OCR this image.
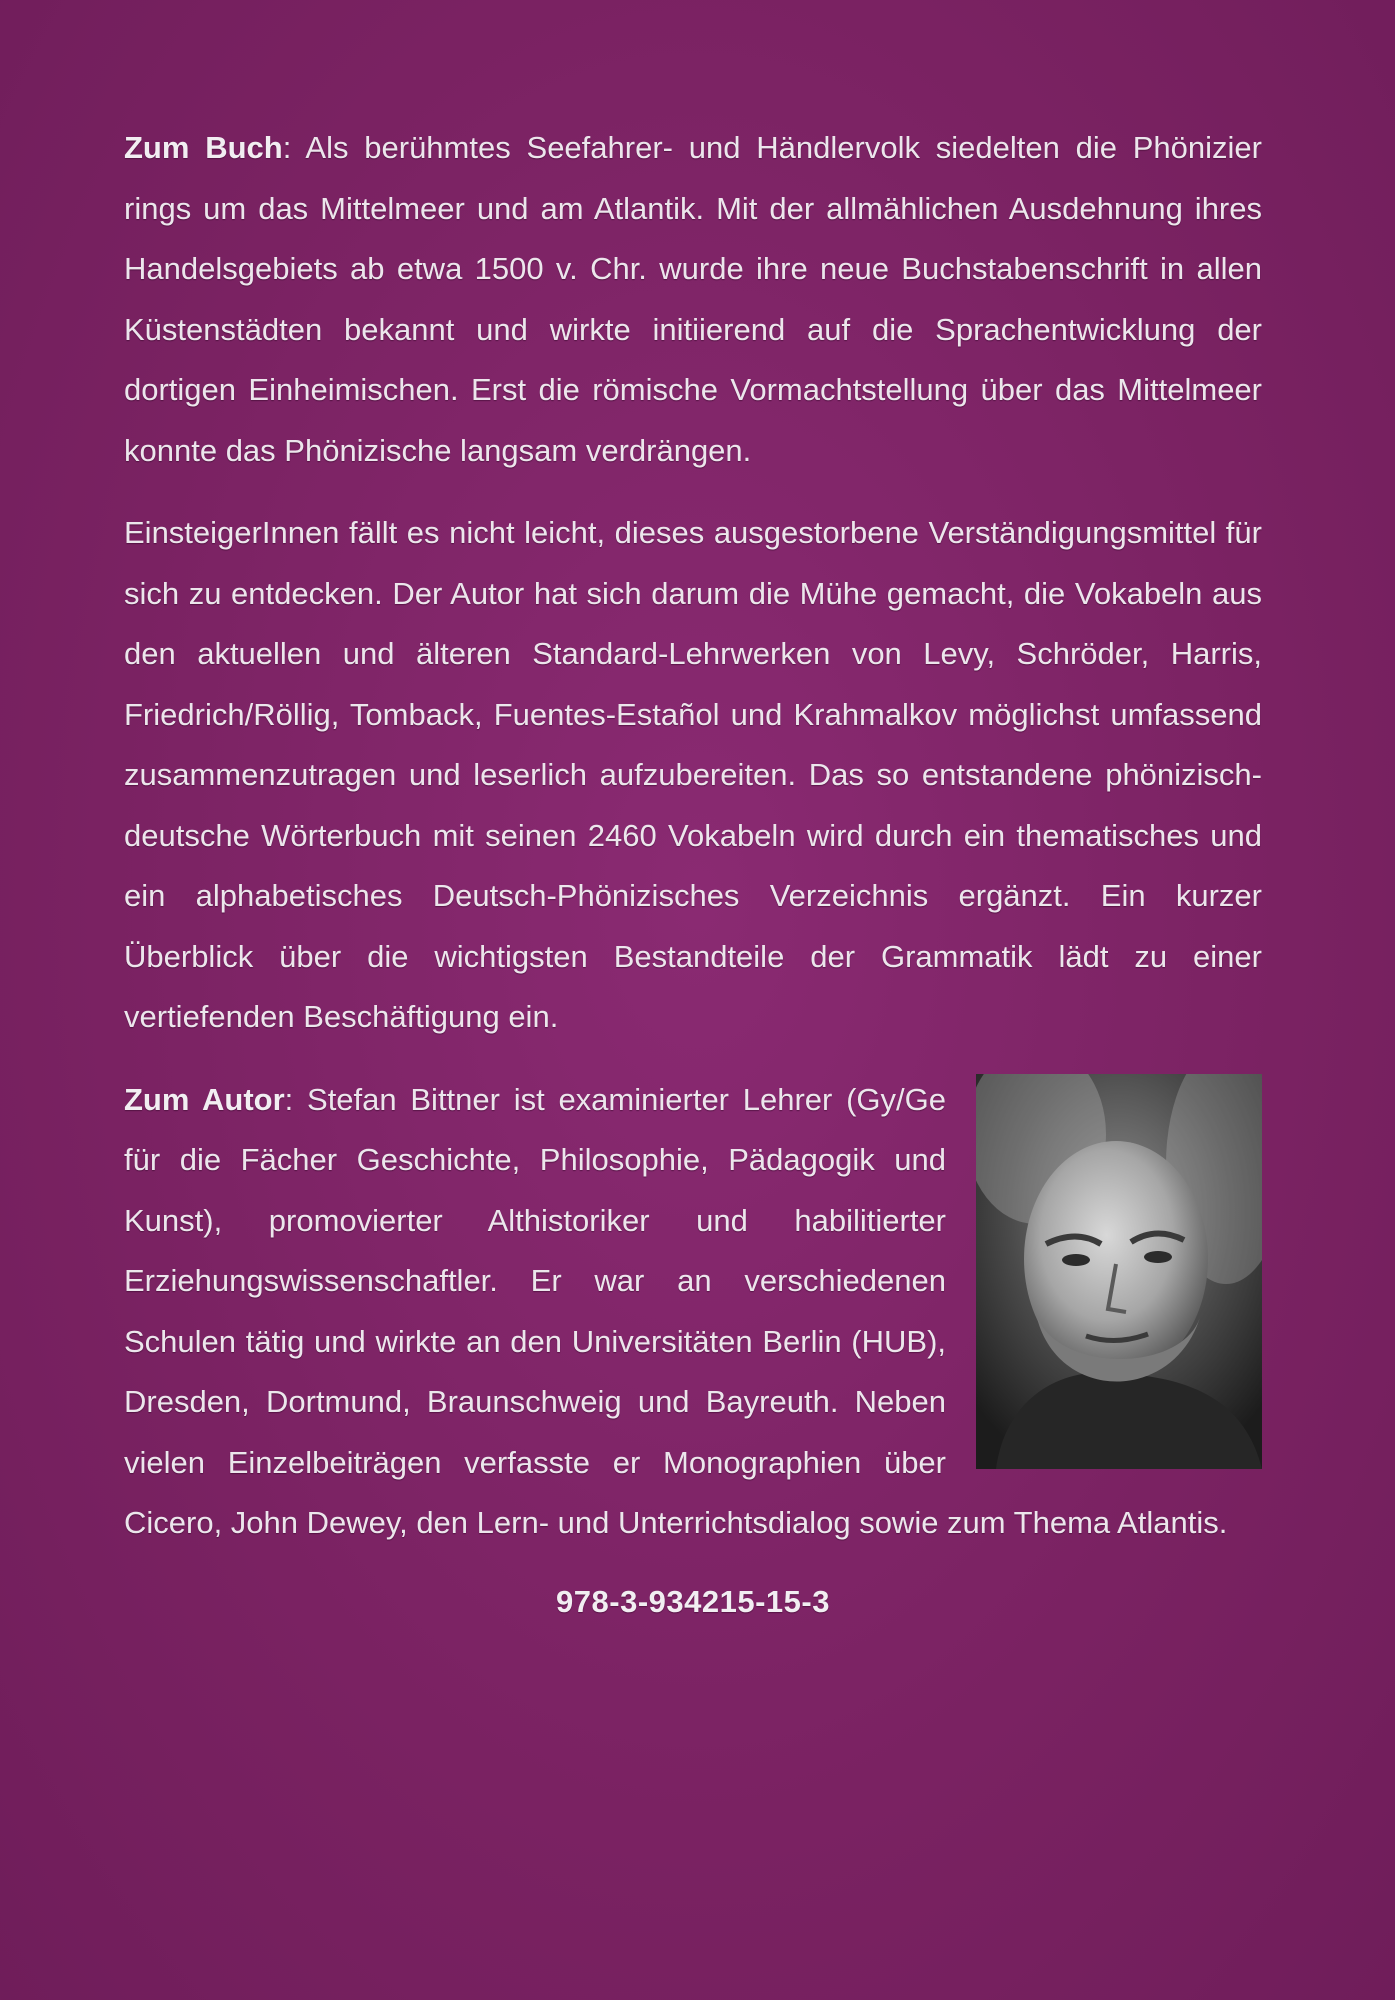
Zum Buch: Als berühmtes Seefahrer- und Händlervolk siedelten die Phönizier rings um das Mittelmeer und am Atlantik. Mit der allmählichen Ausdehnung ihres Handelsgebiets ab etwa 1500 v. Chr. wurde ihre neue Buchstabenschrift in allen Küstenstädten bekannt und wirkte initiierend auf die Sprachentwicklung der dortigen Einheimischen. Erst die römische Vormachtstellung über das Mittelmeer konnte das Phönizische langsam verdrängen.

EinsteigerInnen fällt es nicht leicht, dieses ausgestorbene Verständigungsmittel für sich zu entdecken. Der Autor hat sich darum die Mühe gemacht, die Vokabeln aus den aktuellen und älteren Standard-Lehrwerken von Levy, Schröder, Harris, Friedrich/Röllig, Tomback, Fuentes-Estañol und Krahmalkov möglichst umfassend zusammenzutragen und leserlich aufzubereiten. Das so entstandene phönizisch-deutsche Wörterbuch mit seinen 2460 Vokabeln wird durch ein thematisches und ein alphabetisches Deutsch-Phönizisches Verzeichnis ergänzt. Ein kurzer Überblick über die wichtigsten Bestandteile der Grammatik lädt zu einer vertiefenden Beschäftigung ein.

Zum Autor: Stefan Bittner ist examinierter Lehrer (Gy/Ge für die Fächer Geschichte, Philosophie, Pädagogik und Kunst), promovierter Althistoriker und habilitierter Erziehungswissenschaftler. Er war an verschiedenen Schulen tätig und wirkte an den Universitäten Berlin (HUB), Dresden, Dortmund, Braunschweig und Bayreuth. Neben vielen Einzelbeiträgen verfasste er Monographien über Cicero, John Dewey, den Lern- und Unterrichtsdialog sowie zum Thema Atlantis.

978-3-934215-15-3
